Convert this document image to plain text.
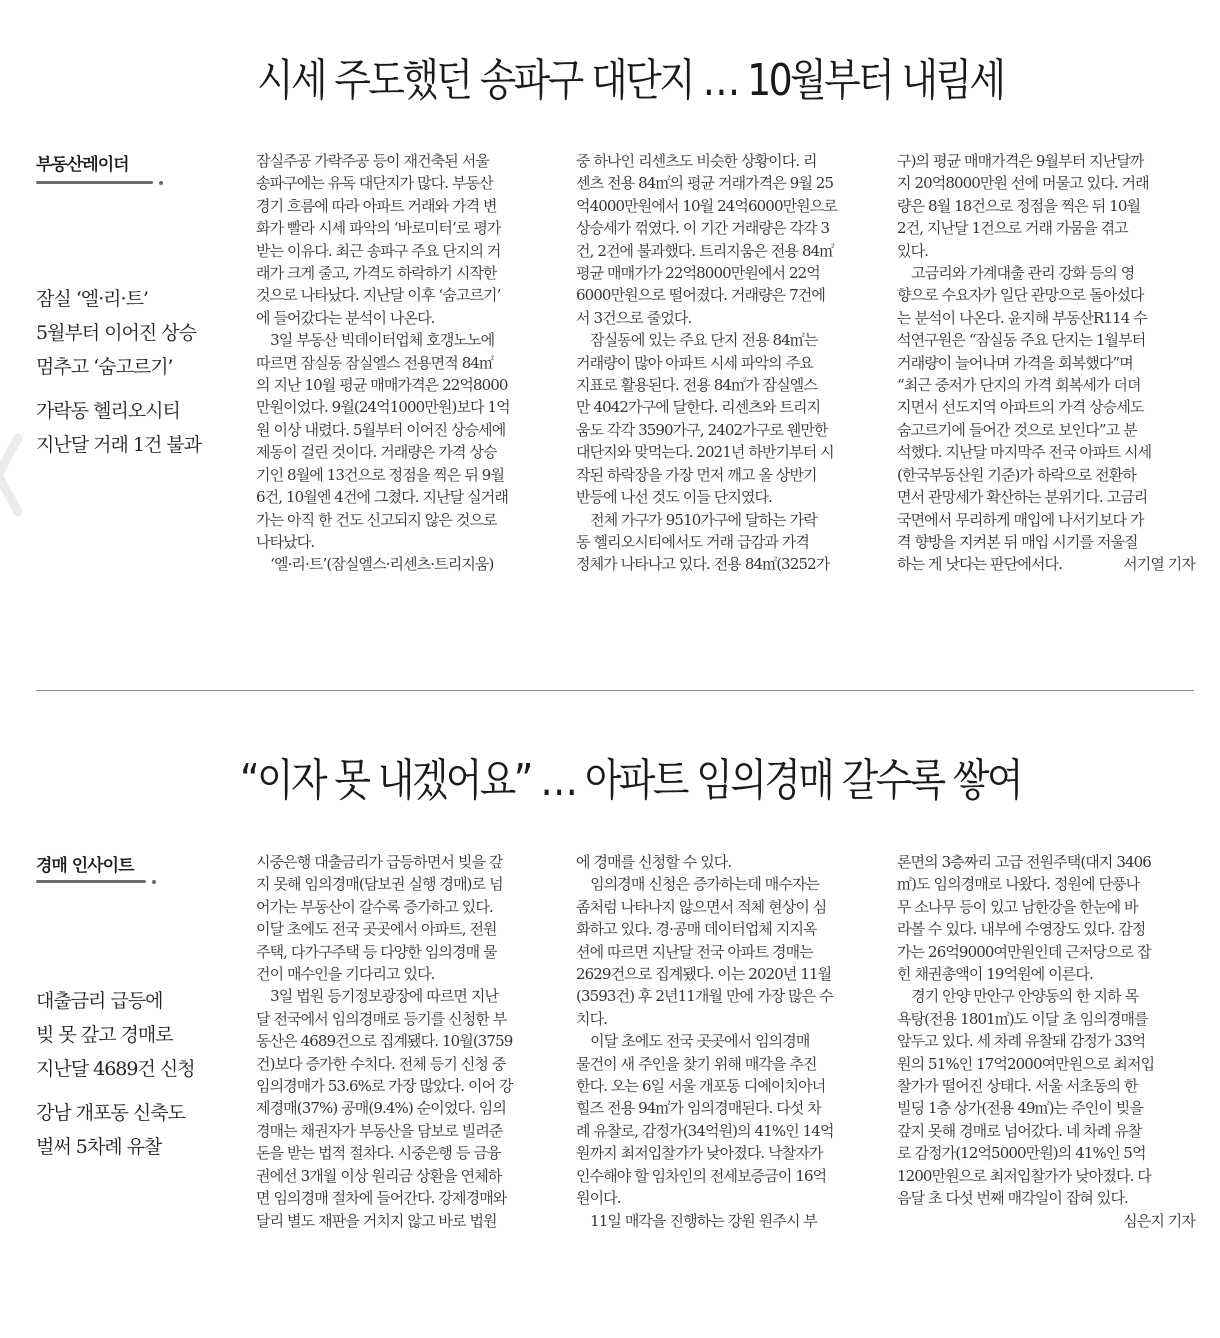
시세 주도했던 송파구 대단지 … 10월부터 내림세
부동산레이더
잠실 ‘엘·리·트’
5월부터 이어진 상승
멈추고 ‘숨고르기’
가락동 헬리오시티
지난달 거래 1건 불과
잠실주공 가락주공 등이 재건축된 서울
송파구에는 유독 대단지가 많다. 부동산
경기 흐름에 따라 아파트 거래와 가격 변
화가 빨라 시세 파악의 ‘바로미터’로 평가
받는 이유다. 최근 송파구 주요 단지의 거
래가 크게 줄고, 가격도 하락하기 시작한
것으로 나타났다. 지난달 이후 ‘숨고르기’
에 들어갔다는 분석이 나온다.
　3일 부동산 빅데이터업체 호갱노노에
따르면 잠실동 잠실엘스 전용면적 84㎡
의 지난 10월 평균 매매가격은 22억8000
만원이었다. 9월(24억1000만원)보다 1억
원 이상 내렸다. 5월부터 이어진 상승세에
제동이 걸린 것이다. 거래량은 가격 상승
기인 8월에 13건으로 정점을 찍은 뒤 9월
6건, 10월엔 4건에 그쳤다. 지난달 실거래
가는 아직 한 건도 신고되지 않은 것으로
나타났다.
　‘엘·리·트’(잠실엘스·리센츠·트리지움)
중 하나인 리센츠도 비슷한 상황이다. 리
센츠 전용 84㎡의 평균 거래가격은 9월 25
억4000만원에서 10월 24억6000만원으로
상승세가 꺾였다. 이 기간 거래량은 각각 3
건, 2건에 불과했다. 트리지움은 전용 84㎡
평균 매매가가 22억8000만원에서 22억
6000만원으로 떨어졌다. 거래량은 7건에
서 3건으로 줄었다.
　잠실동에 있는 주요 단지 전용 84㎡는
거래량이 많아 아파트 시세 파악의 주요
지표로 활용된다. 전용 84㎡가 잠실엘스
만 4042가구에 달한다. 리센츠와 트리지
움도 각각 3590가구, 2402가구로 웬만한
대단지와 맞먹는다. 2021년 하반기부터 시
작된 하락장을 가장 먼저 깨고 올 상반기
반등에 나선 것도 이들 단지였다.
　전체 가구가 9510가구에 달하는 가락
동 헬리오시티에서도 거래 급감과 가격
정체가 나타나고 있다. 전용 84㎡(3252가
구)의 평균 매매가격은 9월부터 지난달까
지 20억8000만원 선에 머물고 있다. 거래
량은 8월 18건으로 정점을 찍은 뒤 10월
2건, 지난달 1건으로 거래 가뭄을 겪고
있다.
　고금리와 가계대출 관리 강화 등의 영
향으로 수요자가 일단 관망으로 돌아섰다
는 분석이 나온다. 윤지해 부동산R114 수
석연구원은 “잠실동 주요 단지는 1월부터
거래량이 늘어나며 가격을 회복했다”며
“최근 중저가 단지의 가격 회복세가 더뎌
지면서 선도지역 아파트의 가격 상승세도
숨고르기에 들어간 것으로 보인다”고 분
석했다. 지난달 마지막주 전국 아파트 시세
(한국부동산원 기준)가 하락으로 전환하
면서 관망세가 확산하는 분위기다. 고금리
국면에서 무리하게 매입에 나서기보다 가
격 향방을 지켜본 뒤 매입 시기를 저울질
하는 게 낫다는 판단에서다.	서기열 기자
“이자 못 내겠어요” … 아파트 임의경매 갈수록 쌓여
경매 인사이트
대출금리 급등에
빚 못 갚고 경매로
지난달 4689건 신청
강남 개포동 신축도
벌써 5차례 유찰
시중은행 대출금리가 급등하면서 빚을 갚
지 못해 임의경매(담보권 실행 경매)로 넘
어가는 부동산이 갈수록 증가하고 있다.
이달 초에도 전국 곳곳에서 아파트, 전원
주택, 다가구주택 등 다양한 임의경매 물
건이 매수인을 기다리고 있다.
　3일 법원 등기정보광장에 따르면 지난
달 전국에서 임의경매로 등기를 신청한 부
동산은 4689건으로 집계됐다. 10월(3759
건)보다 증가한 수치다. 전체 등기 신청 중
임의경매가 53.6%로 가장 많았다. 이어 강
제경매(37%) 공매(9.4%) 순이었다. 임의
경매는 채권자가 부동산을 담보로 빌려준
돈을 받는 법적 절차다. 시중은행 등 금융
권에선 3개월 이상 원리금 상환을 연체하
면 임의경매 절차에 들어간다. 강제경매와
달리 별도 재판을 거치지 않고 바로 법원
에 경매를 신청할 수 있다.
　임의경매 신청은 증가하는데 매수자는
좀처럼 나타나지 않으면서 적체 현상이 심
화하고 있다. 경·공매 데이터업체 지지옥
션에 따르면 지난달 전국 아파트 경매는
2629건으로 집계됐다. 이는 2020년 11월
(3593건) 후 2년11개월 만에 가장 많은 수
치다.
　이달 초에도 전국 곳곳에서 임의경매
물건이 새 주인을 찾기 위해 매각을 추진
한다. 오는 6일 서울 개포동 디에이치아너
힐즈 전용 94㎡가 임의경매된다. 다섯 차
례 유찰로, 감정가(34억원)의 41%인 14억
원까지 최저입찰가가 낮아졌다. 낙찰자가
인수해야 할 임차인의 전세보증금이 16억
원이다.
　11일 매각을 진행하는 강원 원주시 부
론면의 3층짜리 고급 전원주택(대지 3406
㎡)도 임의경매로 나왔다. 정원에 단풍나
무 소나무 등이 있고 남한강을 한눈에 바
라볼 수 있다. 내부에 수영장도 있다. 감정
가는 26억9000여만원인데 근저당으로 잡
힌 채권총액이 19억원에 이른다.
　경기 안양 만안구 안양동의 한 지하 목
욕탕(전용 1801㎡)도 이달 초 임의경매를
앞두고 있다. 세 차례 유찰돼 감정가 33억
원의 51%인 17억2000여만원으로 최저입
찰가가 떨어진 상태다. 서울 서초동의 한
빌딩 1층 상가(전용 49㎡)는 주인이 빚을
갚지 못해 경매로 넘어갔다. 네 차례 유찰
로 감정가(12억5000만원)의 41%인 5억
1200만원으로 최저입찰가가 낮아졌다. 다
음달 초 다섯 번째 매각일이 잡혀 있다.
심은지 기자
